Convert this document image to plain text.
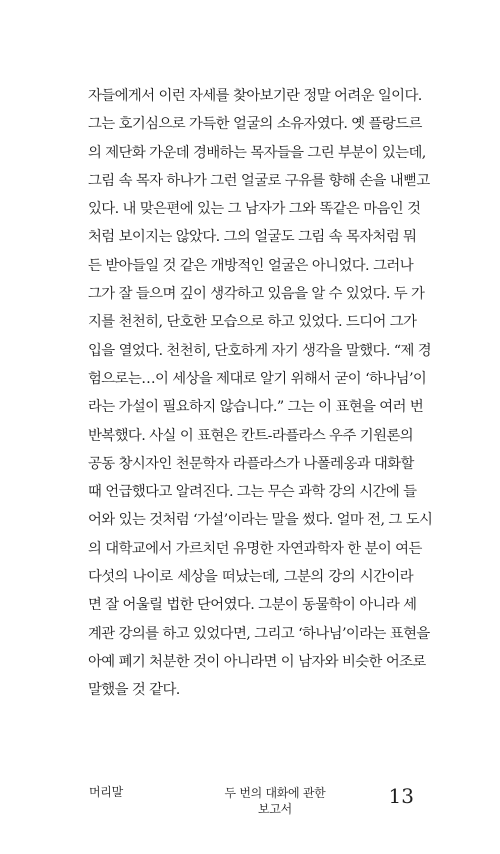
자들에게서 이런 자세를 찾아보기란 정말 어려운 일이다.
그는 호기심으로 가득한 얼굴의 소유자였다. 옛 플랑드르
의 제단화 가운데 경배하는 목자들을 그린 부분이 있는데,
그림 속 목자 하나가 그런 얼굴로 구유를 향해 손을 내뻗고
있다. 내 맞은편에 있는 그 남자가 그와 똑같은 마음인 것
처럼 보이지는 않았다. 그의 얼굴도 그림 속 목자처럼 뭐
든 받아들일 것 같은 개방적인 얼굴은 아니었다. 그러나
그가 잘 들으며 깊이 생각하고 있음을 알 수 있었다. 두 가
지를 천천히, 단호한 모습으로 하고 있었다. 드디어 그가
입을 열었다. 천천히, 단호하게 자기 생각을 말했다. “제 경
험으로는…이 세상을 제대로 알기 위해서 굳이 ‘하나님’이
라는 가설이 필요하지 않습니다.” 그는 이 표현을 여러 번
반복했다. 사실 이 표현은 칸트-라플라스 우주 기원론의
공동 창시자인 천문학자 라플라스가 나폴레옹과 대화할
때 언급했다고 알려진다. 그는 무슨 과학 강의 시간에 들
어와 있는 것처럼 ‘가설’이라는 말을 썼다. 얼마 전, 그 도시
의 대학교에서 가르치던 유명한 자연과학자 한 분이 여든
다섯의 나이로 세상을 떠났는데, 그분의 강의 시간이라
면 잘 어울릴 법한 단어였다. 그분이 동물학이 아니라 세
계관 강의를 하고 있었다면, 그리고 ‘하나님’이라는 표현을
아예 폐기 처분한 것이 아니라면 이 남자와 비슷한 어조로
말했을 것 같다.
머리말	두 번의 대화에 관한
보고서
13
